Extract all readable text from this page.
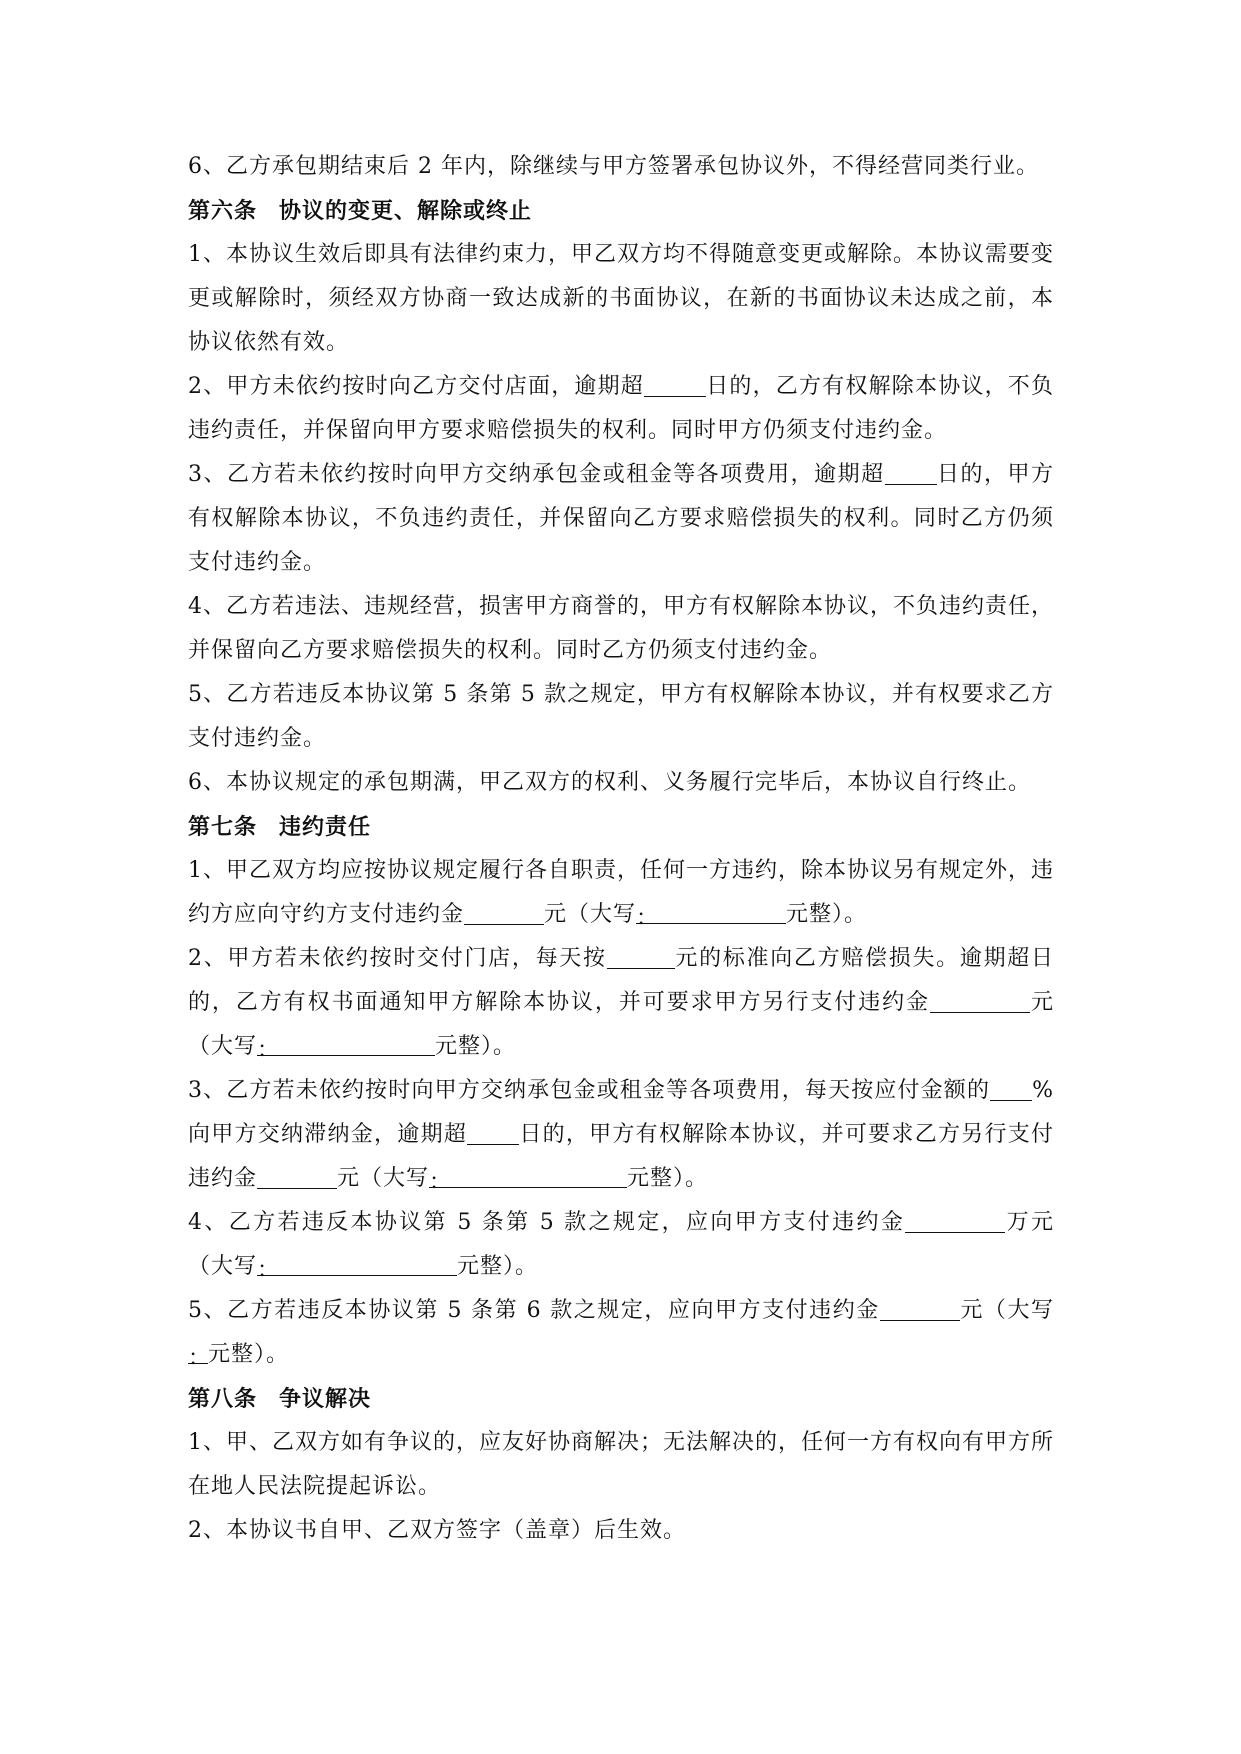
6、乙方承包期结束后 2 年内，除继续与甲方签署承包协议外，不得经营同类行业。

第六条 协议的变更、解除或终止

1、本协议生效后即具有法律约束力，甲乙双方均不得随意变更或解除。本协议需要变更或解除时，须经双方协商一致达成新的书面协议，在新的书面协议未达成之前，本协议依然有效。

2、甲方未依约按时向乙方交付店面，逾期超	日的，乙方有权解除本协议，不负违约责任，并保留向甲方要求赔偿损失的权利。同时甲方仍须支付违约金。

3、乙方若未依约按时向甲方交纳承包金或租金等各项费用，逾期超 日的，甲方有权解除本协议，不负违约责任，并保留向乙方要求赔偿损失的权利。同时乙方仍须支付违约金。

4、乙方若违法、违规经营，损害甲方商誉的，甲方有权解除本协议，不负违约责任，并保留向乙方要求赔偿损失的权利。同时乙方仍须支付违约金。

5、乙方若违反本协议第 5 条第 5 款之规定，甲方有权解除本协议，并有权要求乙方支付违约金。

6、本协议规定的承包期满，甲乙双方的权利、义务履行完毕后，本协议自行终止。

第七条 违约责任

1、甲乙双方均应按协议规定履行各自职责，任何一方违约，除本协议另有规定外，违约方应向守约方支付违约金	元（大写：	元整）。

2、甲方若未依约按时交付门店，每天按	元的标准向乙方赔偿损失。逾期超日的，乙方有权书面通知甲方解除本协议，并可要求甲方另行支付违约金	元（大写：	元整）。

3、乙方若未依约按时向甲方交纳承包金或租金等各项费用，每天按应付金额的 %向甲方交纳滞纳金，逾期超 日的，甲方有权解除本协议，并可要求乙方另行支付违约金	元（大写：	元整）。

4、乙方若违反本协议第 5 条第 5 款之规定，应向甲方支付违约金	万元（大写：	元整）。

5、乙方若违反本协议第 5 条第 6 款之规定，应向甲方支付违约金	元（大写：元整）。

第八条 争议解决

1、甲、乙双方如有争议的，应友好协商解决；无法解决的，任何一方有权向有甲方所在地人民法院提起诉讼。

2、本协议书自甲、乙双方签字（盖章）后生效。
